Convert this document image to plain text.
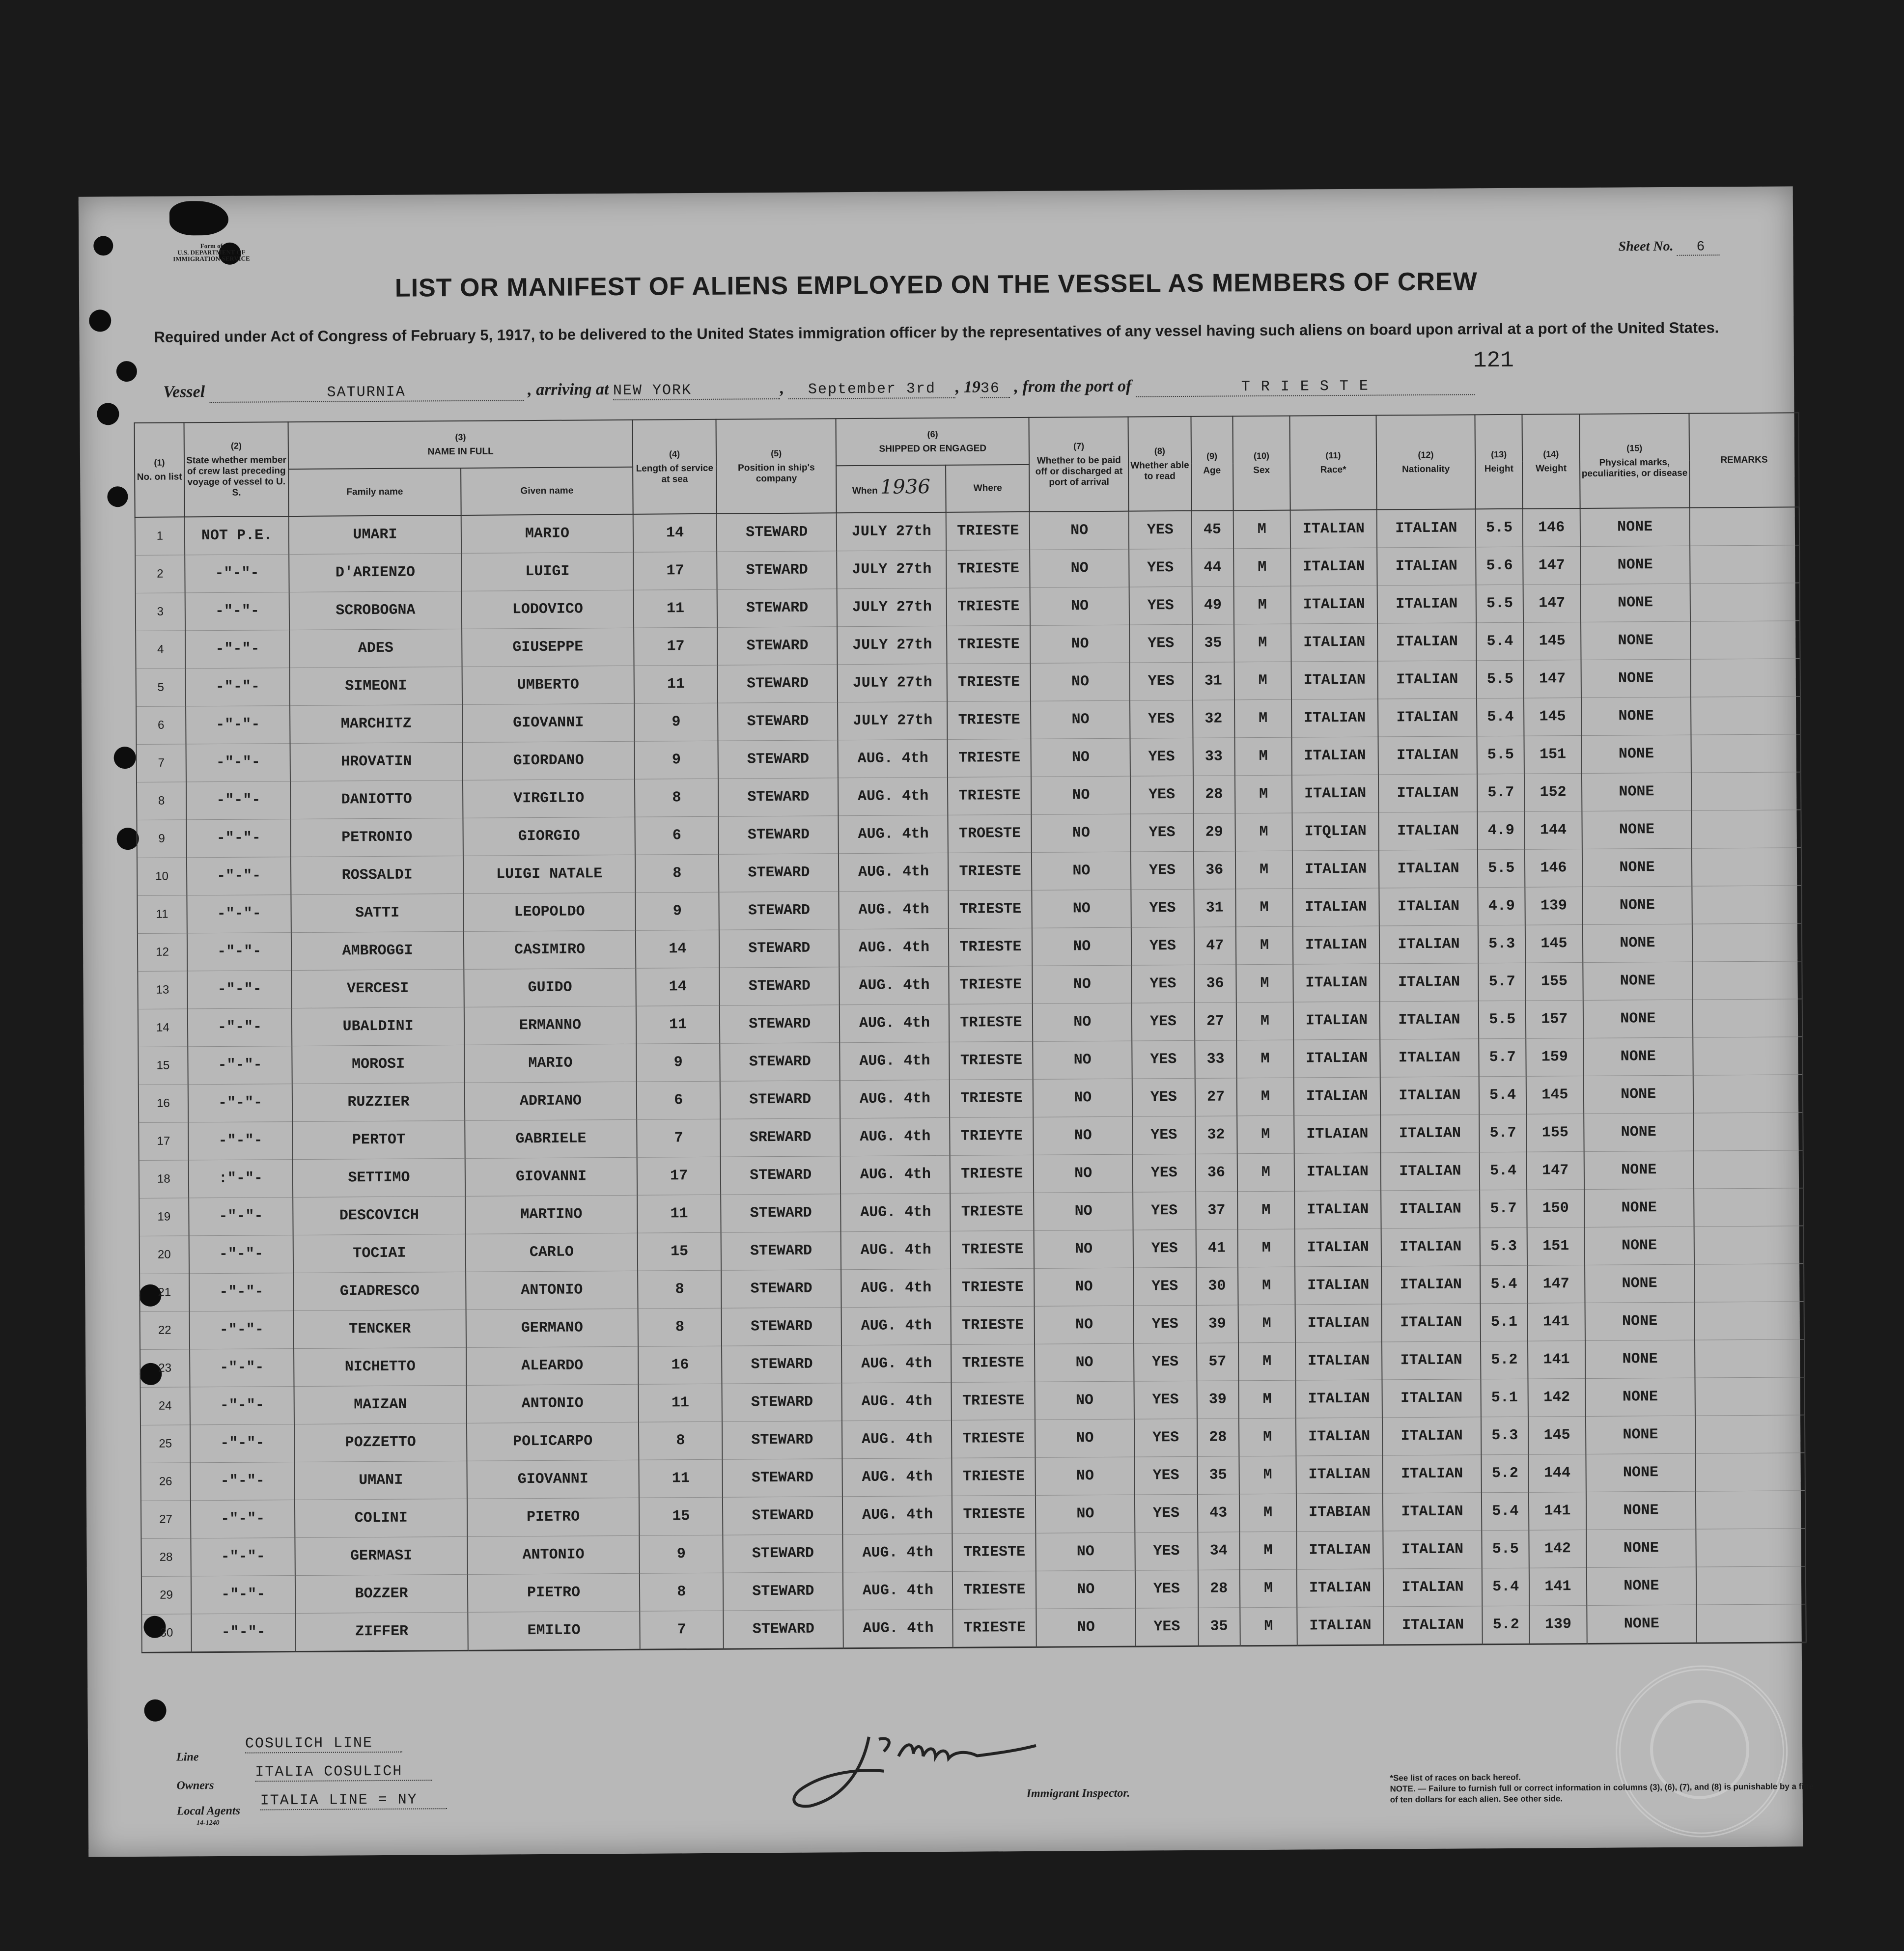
Form of
U.S. DEPARTMENT OF
IMMIGRATION SERVICE
Sheet No. 6
LIST OR MANIFEST OF ALIENS EMPLOYED ON THE VESSEL AS MEMBERS OF CREW
Required under Act of Congress of February 5, 1917, to be delivered to the United States immigration officer by the representatives of any vessel having such aliens on board upon arrival at a port of the United States.
121
Vessel	SATURNIA	, arriving at NEW YORK	, September 3rd , 1936 , from the port of	T R I E S T E
(1)
No. on list	(2)
State whether member of crew last preceding voyage of vessel to U. S.	(3)
NAME IN FULL		(4)
Length of service at sea	(5)
Position in ship's company	(6)
SHIPPED OR ENGAGED		(7)
Whether to be paid off or discharged at port of arrival	(8)
Whether able to read	(9)
Age	(10)
Sex	(11)
Race*	(12)
Nationality	(13)
Height	(14)
Weight	(15)
Physical marks, peculiarities, or disease	REMARKS
		Family name	Given name			When 1936	Where										
1	NOT P.E.	UMARI	MARIO	14	STEWARD	JULY 27th	TRIESTE	NO	YES	45	M	ITALIAN	ITALIAN	5.5	146	NONE	
2	-"-"-	D'ARIENZO	LUIGI	17	STEWARD	JULY 27th	TRIESTE	NO	YES	44	M	ITALIAN	ITALIAN	5.6	147	NONE	
3	-"-"-	SCROBOGNA	LODOVICO	11	STEWARD	JULY 27th	TRIESTE	NO	YES	49	M	ITALIAN	ITALIAN	5.5	147	NONE	
4	-"-"-	ADES	GIUSEPPE	17	STEWARD	JULY 27th	TRIESTE	NO	YES	35	M	ITALIAN	ITALIAN	5.4	145	NONE	
5	-"-"-	SIMEONI	UMBERTO	11	STEWARD	JULY 27th	TRIESTE	NO	YES	31	M	ITALIAN	ITALIAN	5.5	147	NONE	
6	-"-"-	MARCHITZ	GIOVANNI	9	STEWARD	JULY 27th	TRIESTE	NO	YES	32	M	ITALIAN	ITALIAN	5.4	145	NONE	
7	-"-"-	HROVATIN	GIORDANO	9	STEWARD	AUG. 4th	TRIESTE	NO	YES	33	M	ITALIAN	ITALIAN	5.5	151	NONE	
8	-"-"-	DANIOTTO	VIRGILIO	8	STEWARD	AUG. 4th	TRIESTE	NO	YES	28	M	ITALIAN	ITALIAN	5.7	152	NONE	
9	-"-"-	PETRONIO	GIORGIO	6	STEWARD	AUG. 4th	TROESTE	NO	YES	29	M	ITQLIAN	ITALIAN	4.9	144	NONE	
10	-"-"-	ROSSALDI	LUIGI NATALE	8	STEWARD	AUG. 4th	TRIESTE	NO	YES	36	M	ITALIAN	ITALIAN	5.5	146	NONE	
11	-"-"-	SATTI	LEOPOLDO	9	STEWARD	AUG. 4th	TRIESTE	NO	YES	31	M	ITALIAN	ITALIAN	4.9	139	NONE	
12	-"-"-	AMBROGGI	CASIMIRO	14	STEWARD	AUG. 4th	TRIESTE	NO	YES	47	M	ITALIAN	ITALIAN	5.3	145	NONE	
13	-"-"-	VERCESI	GUIDO	14	STEWARD	AUG. 4th	TRIESTE	NO	YES	36	M	ITALIAN	ITALIAN	5.7	155	NONE	
14	-"-"-	UBALDINI	ERMANNO	11	STEWARD	AUG. 4th	TRIESTE	NO	YES	27	M	ITALIAN	ITALIAN	5.5	157	NONE	
15	-"-"-	MOROSI	MARIO	9	STEWARD	AUG. 4th	TRIESTE	NO	YES	33	M	ITALIAN	ITALIAN	5.7	159	NONE	
16	-"-"-	RUZZIER	ADRIANO	6	STEWARD	AUG. 4th	TRIESTE	NO	YES	27	M	ITALIAN	ITALIAN	5.4	145	NONE	
17	-"-"-	PERTOT	GABRIELE	7	SREWARD	AUG. 4th	TRIEYTE	NO	YES	32	M	ITLAIAN	ITALIAN	5.7	155	NONE	
18	:"-"-	SETTIMO	GIOVANNI	17	STEWARD	AUG. 4th	TRIESTE	NO	YES	36	M	ITALIAN	ITALIAN	5.4	147	NONE	
19	-"-"-	DESCOVICH	MARTINO	11	STEWARD	AUG. 4th	TRIESTE	NO	YES	37	M	ITALIAN	ITALIAN	5.7	150	NONE	
20	-"-"-	TOCIAI	CARLO	15	STEWARD	AUG. 4th	TRIESTE	NO	YES	41	M	ITALIAN	ITALIAN	5.3	151	NONE	
21	-"-"-	GIADRESCO	ANTONIO	8	STEWARD	AUG. 4th	TRIESTE	NO	YES	30	M	ITALIAN	ITALIAN	5.4	147	NONE	
22	-"-"-	TENCKER	GERMANO	8	STEWARD	AUG. 4th	TRIESTE	NO	YES	39	M	ITALIAN	ITALIAN	5.1	141	NONE	
23	-"-"-	NICHETTO	ALEARDO	16	STEWARD	AUG. 4th	TRIESTE	NO	YES	57	M	ITALIAN	ITALIAN	5.2	141	NONE	
24	-"-"-	MAIZAN	ANTONIO	11	STEWARD	AUG. 4th	TRIESTE	NO	YES	39	M	ITALIAN	ITALIAN	5.1	142	NONE	
25	-"-"-	POZZETTO	POLICARPO	8	STEWARD	AUG. 4th	TRIESTE	NO	YES	28	M	ITALIAN	ITALIAN	5.3	145	NONE	
26	-"-"-	UMANI	GIOVANNI	11	STEWARD	AUG. 4th	TRIESTE	NO	YES	35	M	ITALIAN	ITALIAN	5.2	144	NONE	
27	-"-"-	COLINI	PIETRO	15	STEWARD	AUG. 4th	TRIESTE	NO	YES	43	M	ITABIAN	ITALIAN	5.4	141	NONE	
28	-"-"-	GERMASI	ANTONIO	9	STEWARD	AUG. 4th	TRIESTE	NO	YES	34	M	ITALIAN	ITALIAN	5.5	142	NONE	
29	-"-"-	BOZZER	PIETRO	8	STEWARD	AUG. 4th	TRIESTE	NO	YES	28	M	ITALIAN	ITALIAN	5.4	141	NONE	
30	-"-"-	ZIFFER	EMILIO	7	STEWARD	AUG. 4th	TRIESTE	NO	YES	35	M	ITALIAN	ITALIAN	5.2	139	NONE	
Line
COSULICH LINE
Owners
ITALIA COSULICH
Local Agents
ITALIA LINE = NY
14-1240
Immigrant Inspector.
*See list of races on back hereof.
NOTE. — Failure to furnish full or correct information in columns (3), (6), (7), and (8) is punishable by a fine of ten dollars for each alien. See other side.
